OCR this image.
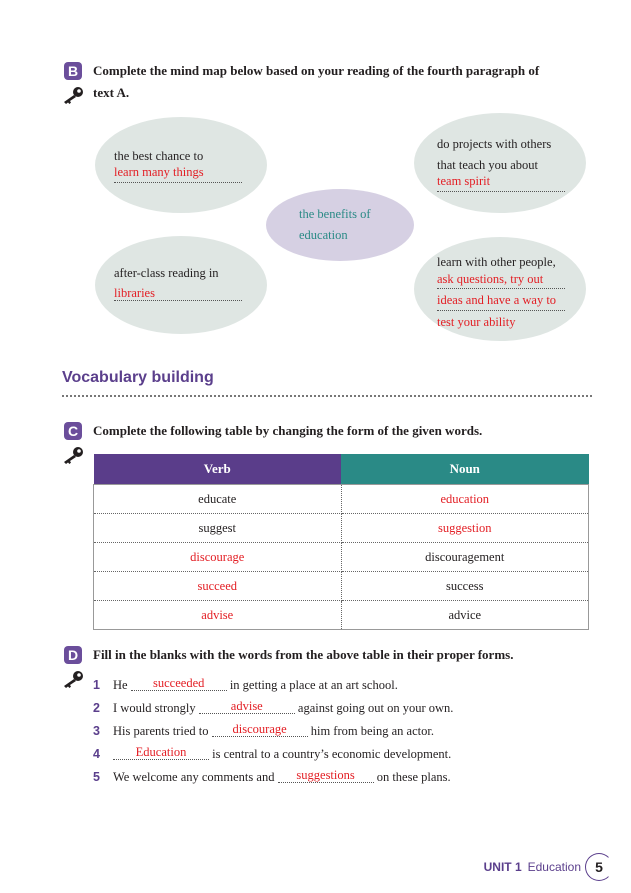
B	Complete the mind map below based on your reading of the fourth paragraph of
text A.
the best chance to
learn many things
do projects with others
that teach you about
team spirit
the benefits of
education
after-class reading in
libraries
learn with other people,
ask questions, try out
ideas and have a way to
test your ability
Vocabulary building
C	Complete the following table by changing the form of the given words.
Verb	Noun
educate	education
suggest	suggestion
discourage	discouragement
succeed	success
advise	advice
D	Fill in the blanks with the words from the above table in their proper forms.
1 He succeeded in getting a place at an art school.
2 I would strongly	advise	against going out on your own.
3 His parents tried to discourage him from being an actor.
4	Education is central to a country’s economic development.
5 We welcome any comments and suggestions on these plans.
UNIT 1 Education	5
